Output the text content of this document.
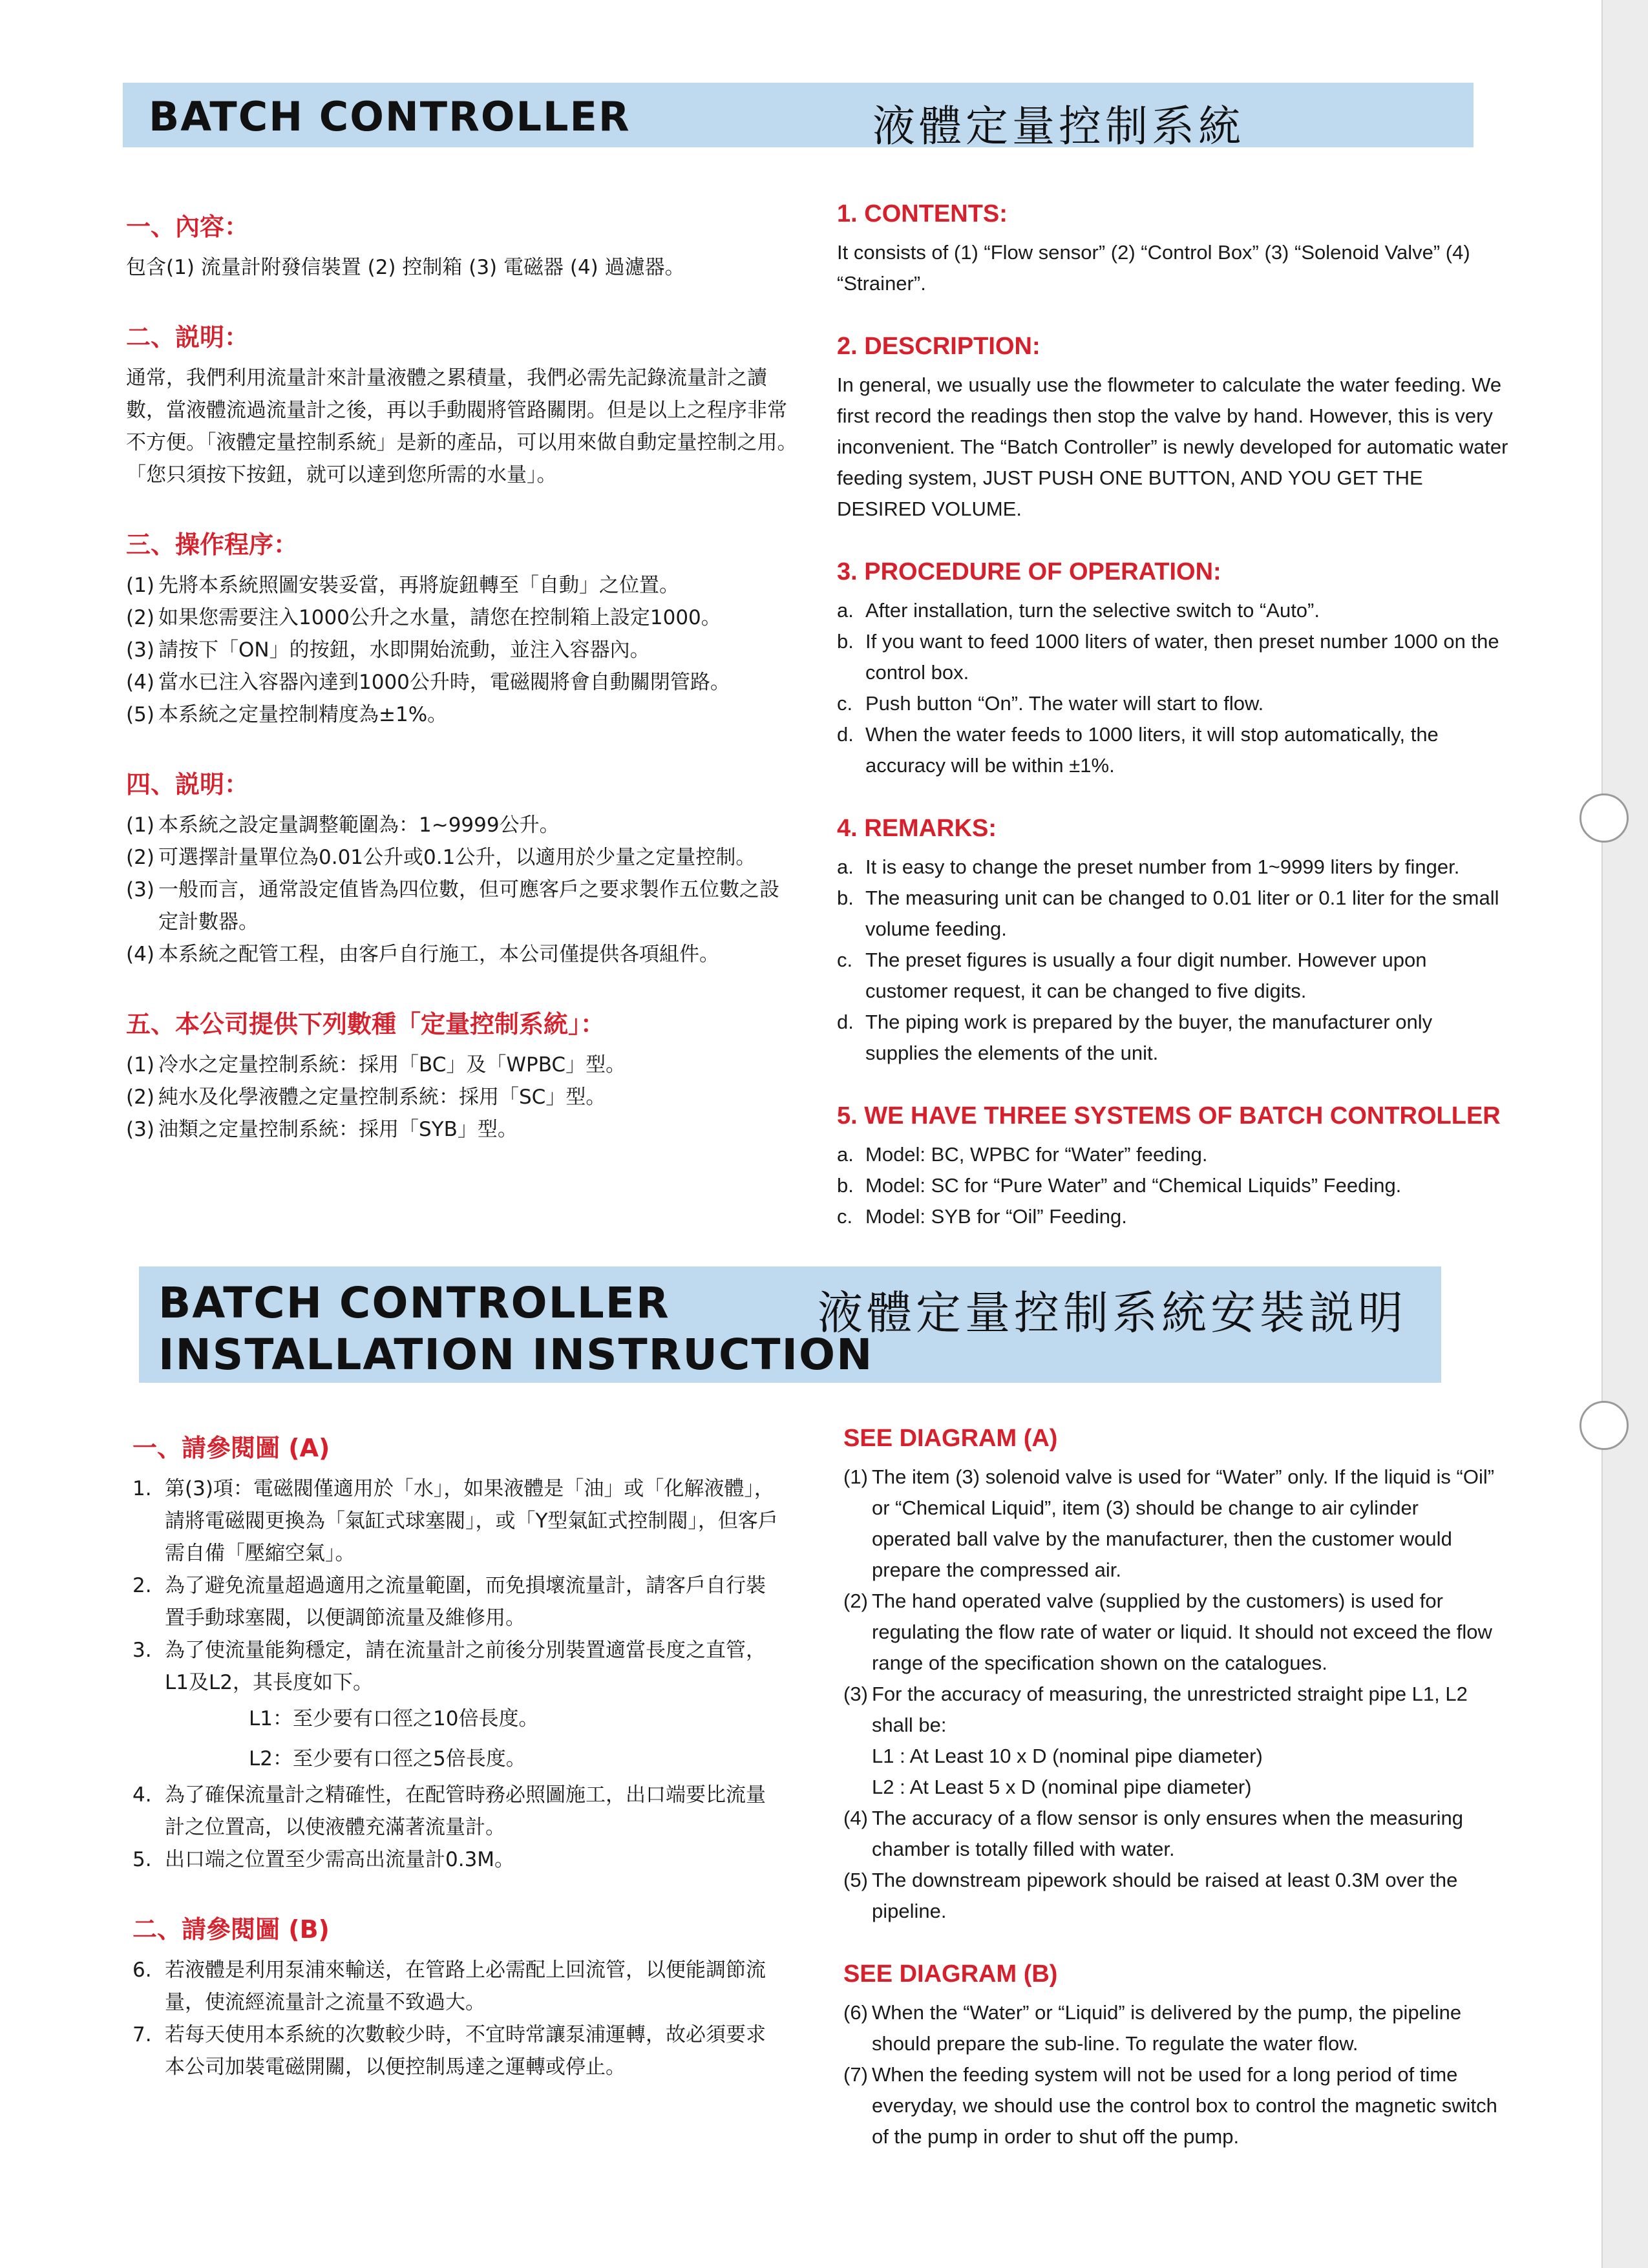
BATCH CONTROLLER	液體定量控制系統
一、內容：

包含(1) 流量計附發信裝置 (2) 控制箱 (3) 電磁器 (4) 過濾器。

二、説明：

通常，我們利用流量計來計量液體之累積量，我們必需先記錄流量計之讀數，當液體流過流量計之後，再以手動閥將管路關閉。但是以上之程序非常不方便。「液體定量控制系統」是新的產品，可以用來做自動定量控制之用。「您只須按下按鈕，就可以達到您所需的水量」。

三、操作程序：
(1) 先將本系統照圖安裝妥當，再將旋鈕轉至「自動」之位置。
(2) 如果您需要注入1000公升之水量，請您在控制箱上設定1000。
(3) 請按下「ON」的按鈕，水即開始流動，並注入容器內。
(4) 當水已注入容器內達到1000公升時，電磁閥將會自動關閉管路。
(5) 本系統之定量控制精度為±1%。
四、説明：
(1) 本系統之設定量調整範圍為：1~9999公升。
(2) 可選擇計量單位為0.01公升或0.1公升，以適用於少量之定量控制。
(3) 一般而言，通常設定值皆為四位數，但可應客戶之要求製作五位數之設定計數器。
(4) 本系統之配管工程，由客戶自行施工，本公司僅提供各項組件。
五、本公司提供下列數種「定量控制系統」：
(1) 冷水之定量控制系統：採用「BC」及「WPBC」型。
(2) 純水及化學液體之定量控制系統：採用「SC」型。
(3) 油類之定量控制系統：採用「SYB」型。
1. CONTENTS:

It consists of (1) “Flow sensor” (2) “Control Box” (3) “Solenoid Valve” (4) “Strainer”.

2. DESCRIPTION:

In general, we usually use the flowmeter to calculate the water feeding. We first record the readings then stop the valve by hand. However, this is very inconvenient. The “Batch Controller” is newly developed for automatic water feeding system, JUST PUSH ONE BUTTON, AND YOU GET THE DESIRED VOLUME.

3. PROCEDURE OF OPERATION:
a. After installation, turn the selective switch to “Auto”.
b. If you want to feed 1000 liters of water, then preset number 1000 on the control box.
c. Push button “On”. The water will start to flow.
d. When the water feeds to 1000 liters, it will stop automatically, the accuracy will be within ±1%.
4. REMARKS:
a. It is easy to change the preset number from 1~9999 liters by finger.
b. The measuring unit can be changed to 0.01 liter or 0.1 liter for the small volume feeding.
c. The preset figures is usually a four digit number. However upon customer request, it can be changed to five digits.
d. The piping work is prepared by the buyer, the manufacturer only supplies the elements of the unit.
5. WE HAVE THREE SYSTEMS OF BATCH CONTROLLER
a. Model: BC, WPBC for “Water” feeding.
b. Model: SC for “Pure Water” and “Chemical Liquids” Feeding.
c. Model: SYB for “Oil” Feeding.
BATCH CONTROLLER
INSTALLATION INSTRUCTION
液體定量控制系統安裝説明
一、請參閱圖 (A)
1. 第(3)項：電磁閥僅適用於「水」，如果液體是「油」或「化解液體」，請將電磁閥更換為「氣缸式球塞閥」，或「Y型氣缸式控制閥」，但客戶需自備「壓縮空氣」。
2. 為了避免流量超過適用之流量範圍，而免損壞流量計，請客戶自行裝置手動球塞閥，以便調節流量及維修用。
3. 為了使流量能夠穩定，請在流量計之前後分別裝置適當長度之直管，L1及L2，其長度如下。
L1：至少要有口徑之10倍長度。
L2：至少要有口徑之5倍長度。
4. 為了確保流量計之精確性，在配管時務必照圖施工，出口端要比流量計之位置高，以使液體充滿著流量計。
5. 出口端之位置至少需高出流量計0.3M。
二、請參閱圖 (B)
6. 若液體是利用泵浦來輸送，在管路上必需配上回流管，以便能調節流量，使流經流量計之流量不致過大。
7. 若每天使用本系統的次數較少時，不宜時常讓泵浦運轉，故必須要求本公司加裝電磁開關，以便控制馬達之運轉或停止。
SEE DIAGRAM (A)
(1) The item (3) solenoid valve is used for “Water” only. If the liquid is “Oil” or “Chemical Liquid”, item (3) should be change to air cylinder operated ball valve by the manufacturer, then the customer would prepare the compressed air.
(2) The hand operated valve (supplied by the customers) is used for regulating the flow rate of water or liquid. It should not exceed the flow range of the specification shown on the catalogues.
(3) For the accuracy of measuring, the unrestricted straight pipe L1, L2 shall be:
L1 : At Least 10 x D (nominal pipe diameter)
L2 : At Least 5 x D (nominal pipe diameter)
(4) The accuracy of a flow sensor is only ensures when the measuring chamber is totally filled with water.
(5) The downstream pipework should be raised at least 0.3M over the pipeline.
SEE DIAGRAM (B)
(6) When the “Water” or “Liquid” is delivered by the pump, the pipeline should prepare the sub-line. To regulate the water flow.
(7) When the feeding system will not be used for a long period of time everyday, we should use the control box to control the magnetic switch of the pump in order to shut off the pump.
